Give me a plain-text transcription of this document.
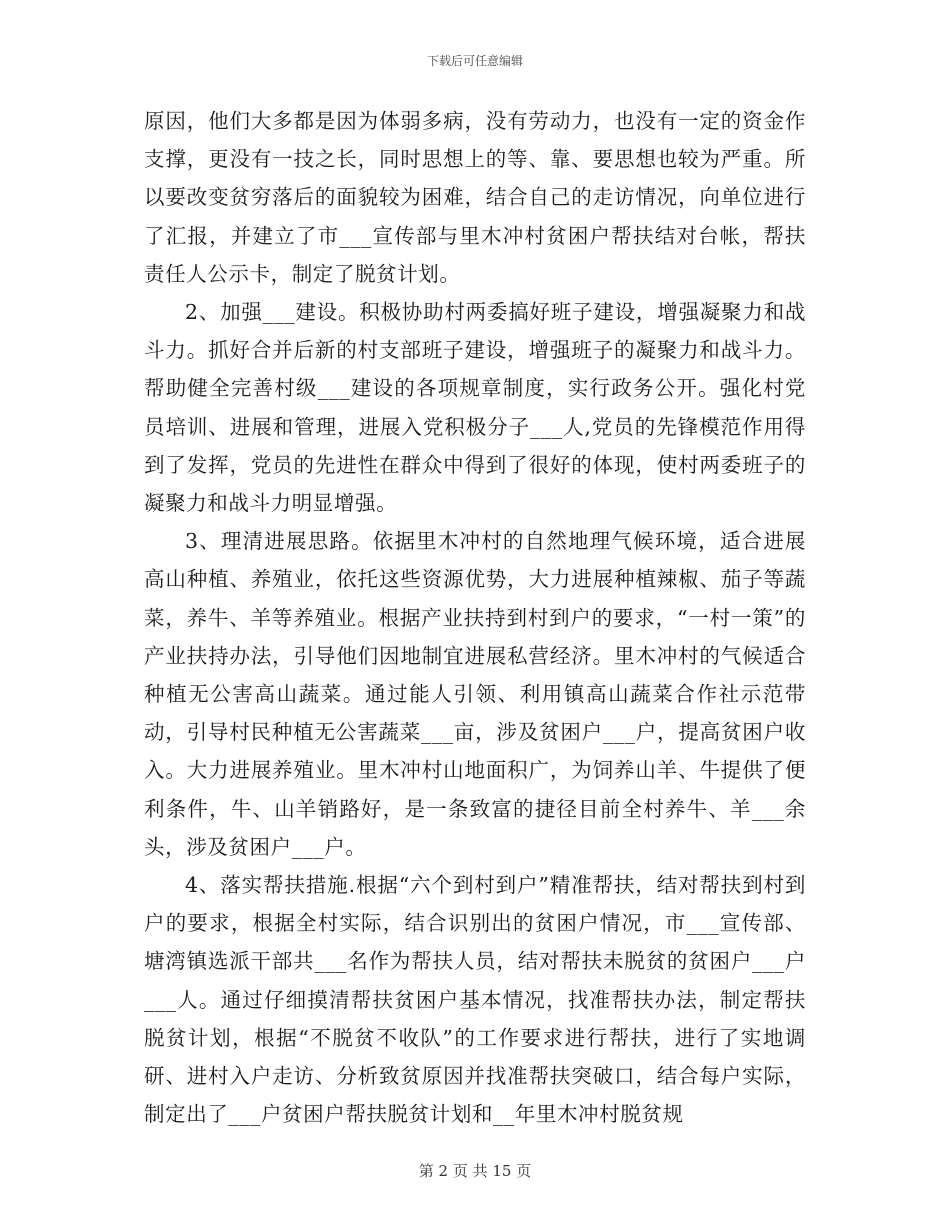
下载后可任意编辑

原因，他们大多都是因为体弱多病，没有劳动力，也没有一定的资金作支撑，更没有一技之长，同时思想上的等、靠、要思想也较为严重。所以要改变贫穷落后的面貌较为困难，结合自己的走访情况，向单位进行了汇报，并建立了市___宣传部与里木冲村贫困户帮扶结对台帐，帮扶责任人公示卡，制定了脱贫计划。

2、加强___建设。积极协助村两委搞好班子建设，增强凝聚力和战斗力。抓好合并后新的村支部班子建设，增强班子的凝聚力和战斗力。帮助健全完善村级___建设的各项规章制度，实行政务公开。强化村党员培训、进展和管理，进展入党积极分子___人,党员的先锋模范作用得到了发挥，党员的先进性在群众中得到了很好的体现，使村两委班子的凝聚力和战斗力明显增强。

3、理清进展思路。依据里木冲村的自然地理气候环境，适合进展高山种植、养殖业，依托这些资源优势，大力进展种植辣椒、茄子等蔬菜，养牛、羊等养殖业。根据产业扶持到村到户的要求，“一村一策”的产业扶持办法，引导他们因地制宜进展私营经济。里木冲村的气候适合种植无公害高山蔬菜。通过能人引领、利用镇高山蔬菜合作社示范带动，引导村民种植无公害蔬菜___亩，涉及贫困户___户，提高贫困户收入。大力进展养殖业。里木冲村山地面积广，为饲养山羊、牛提供了便利条件，牛、山羊销路好，是一条致富的捷径目前全村养牛、羊___余头，涉及贫困户___户。

4、落实帮扶措施.根据“六个到村到户”精准帮扶，结对帮扶到村到户的要求，根据全村实际，结合识别出的贫困户情况，市___宣传部、塘湾镇选派干部共___名作为帮扶人员，结对帮扶未脱贫的贫困户___户___人。通过仔细摸清帮扶贫困户基本情况，找准帮扶办法，制定帮扶脱贫计划，根据“不脱贫不收队”的工作要求进行帮扶，进行了实地调研、进村入户走访、分析致贫原因并找准帮扶突破口，结合每户实际，制定出了___户贫困户帮扶脱贫计划和__年里木冲村脱贫规

第 2 页 共 15 页
